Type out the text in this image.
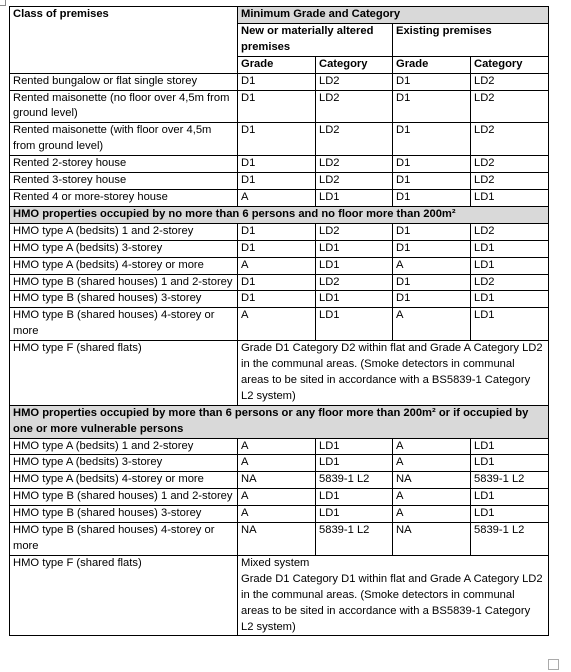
Class of premises	Minimum Grade and Category			
	New or materially altered premises		Existing premises	
	Grade	Category	Grade	Category
Rented bungalow or flat single storey	D1	LD2	D1	LD2
Rented maisonette (no floor over 4,5m from ground level)	D1	LD2	D1	LD2
Rented maisonette (with floor over 4,5m from ground level)	D1	LD2	D1	LD2
Rented 2-storey house	D1	LD2	D1	LD2
Rented 3-storey house	D1	LD2	D1	LD2
Rented 4 or more-storey house	A	LD1	D1	LD1
HMO properties occupied by no more than 6 persons and no floor more than 200m²				
HMO type A (bedsits) 1 and 2-storey	D1	LD2	D1	LD2
HMO type A (bedsits) 3-storey	D1	LD1	D1	LD1
HMO type A (bedsits) 4-storey or more	A	LD1	A	LD1
HMO type B (shared houses) 1 and 2-storey	D1	LD2	D1	LD2
HMO type B (shared houses) 3-storey	D1	LD1	D1	LD1
HMO type B (shared houses) 4-storey or more	A	LD1	A	LD1
HMO type F (shared flats)	Grade D1 Category D2 within flat and Grade A Category LD2 in the communal areas. (Smoke detectors in communal areas to be sited in accordance with a BS5839-1 Category L2 system)			
HMO properties occupied by more than 6 persons or any floor more than 200m² or if occupied by one or more vulnerable persons				
HMO type A (bedsits) 1 and 2-storey	A	LD1	A	LD1
HMO type A (bedsits) 3-storey	A	LD1	A	LD1
HMO type A (bedsits) 4-storey or more	NA	5839-1 L2	NA	5839-1 L2
HMO type B (shared houses) 1 and 2-storey	A	LD1	A	LD1
HMO type B (shared houses) 3-storey	A	LD1	A	LD1
HMO type B (shared houses) 4-storey or more	NA	5839-1 L2	NA	5839-1 L2
HMO type F (shared flats)	Mixed system
Grade D1 Category D1 within flat and Grade A Category LD2 in the communal areas. (Smoke detectors in communal areas to be sited in accordance with a BS5839-1 Category L2 system)			
